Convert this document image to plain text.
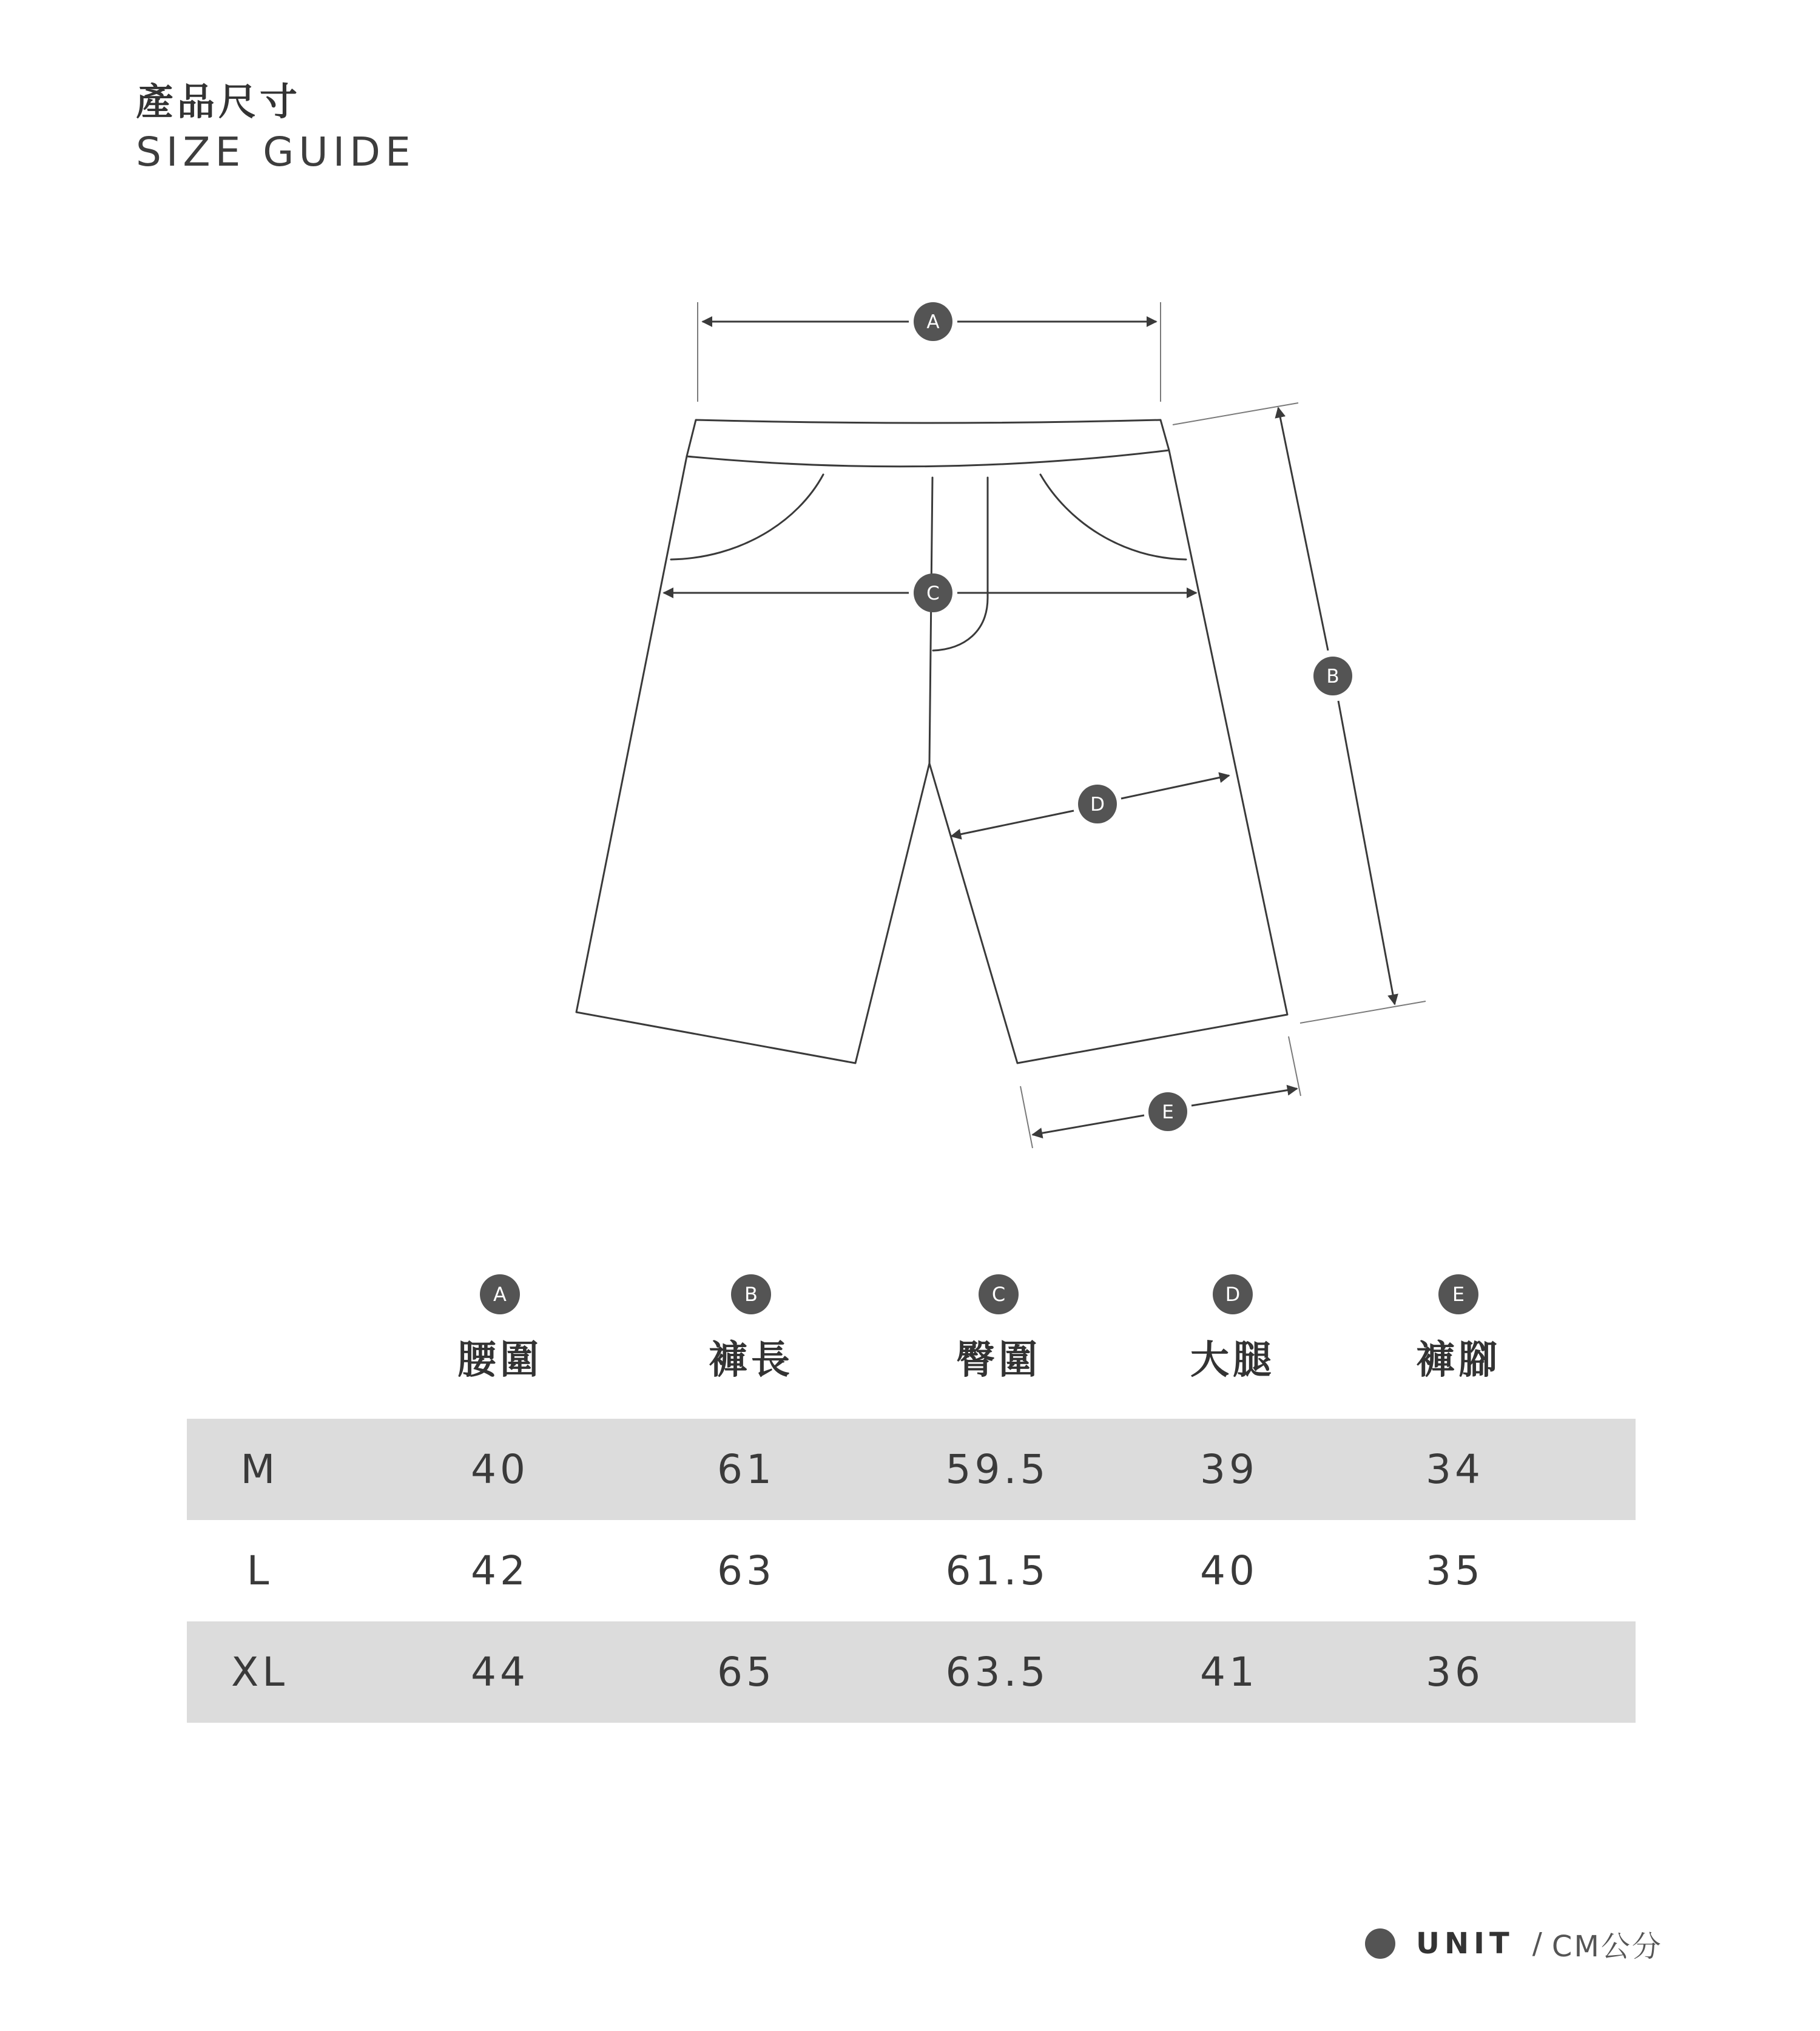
產品尺寸
SIZE GUIDE
A
C
B
D
E
A
腰圍
B
褲長
C
臀圍
D
大腿
E
褲腳
M	40	61	59.5	39	34
L	42	63	61.5	40	35
XL	44	65	63.5	41	36
UNIT / CM公分
